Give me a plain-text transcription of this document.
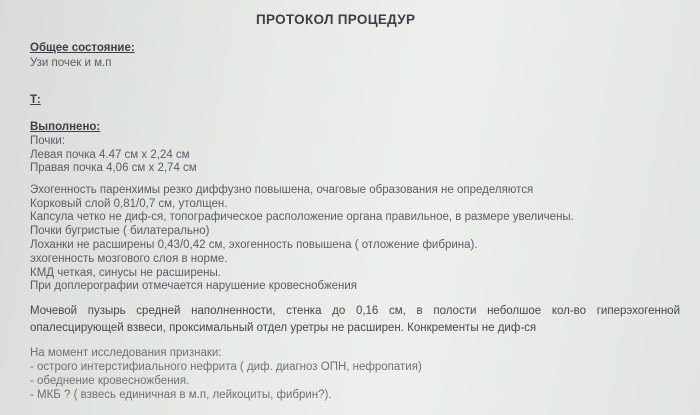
ПРОТОКОЛ ПРОЦЕДУР
Общее состояние:
Узи почек и м.п
Т:
Выполнено:
Почки:
Левая почка 4.47 см х 2,24 см
Правая почка 4,06 см х 2,74 см
Эхогенность паренхимы резко диффузно повышена, очаговые образования не определяются
Корковый слой 0,81/0,7 см, утолщен.
Капсула четко не диф-ся, топографическое расположение органа правильное, в размере увеличены.
Почки бугристые ( билатерально)
Лоханки не расширены 0,43/0,42 см, эхогенность повышена ( отложение фибрина).
эхогенность мозгового слоя в норме.
КМД четкая, синусы не расширены.
При доплерографии отмечается нарушение кровеснобжения
Мочевой пузырь средней наполненности, стенка до 0,16 см, в полости неболшое кол-во гиперэхогенной
опалесцирующей взвеси, проксимальный отдел уретры не расширен. Конкременты не диф-ся
На момент исследования признаки:
- острого интерстифиального нефрита ( диф. диагноз ОПН, нефропатия)
- обеднение кровесножбения.
- МКБ ? ( взвесь единичная в м.п, лейкоциты, фибрин?).
